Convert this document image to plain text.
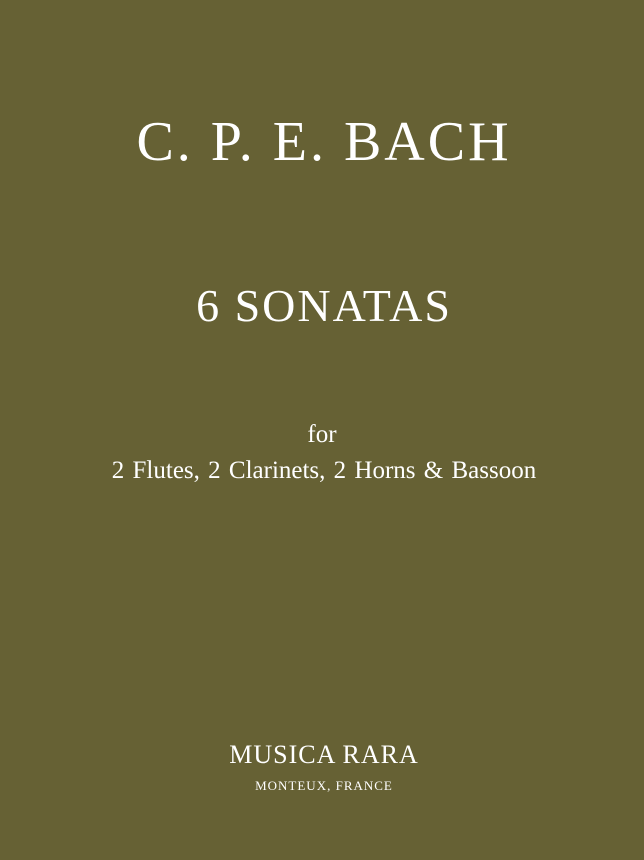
C. P. E. BACH
6 SONATAS
for
2 Flutes, 2 Clarinets, 2 Horns & Bassoon
MUSICA RARA
MONTEUX, FRANCE
